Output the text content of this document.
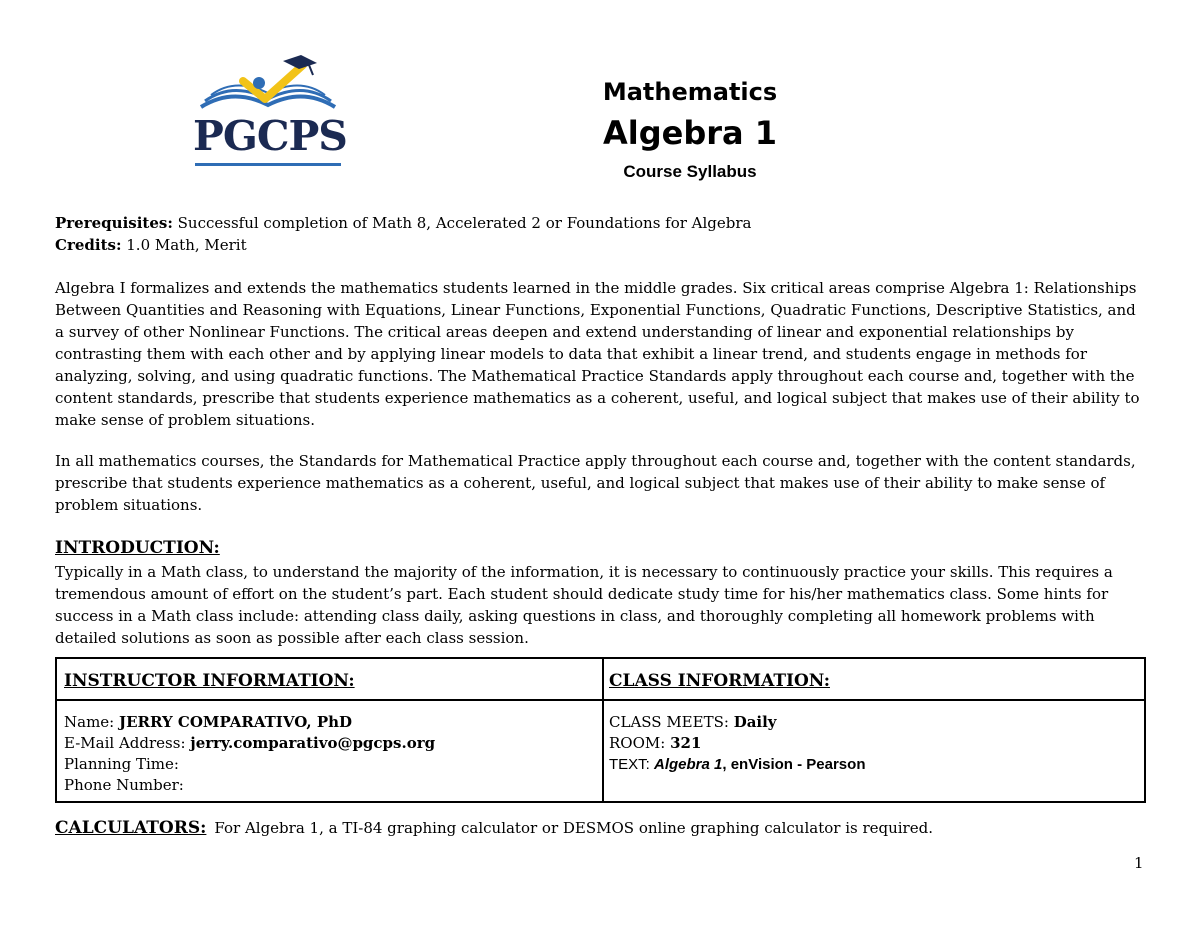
PGCPS
Mathematics
Algebra 1
Course Syllabus
Prerequisites: Successful completion of Math 8, Accelerated 2 or Foundations for Algebra
Credits: 1.0 Math, Merit
Algebra I formalizes and extends the mathematics students learned in the middle grades. Six critical areas comprise Algebra 1: Relationships
Between Quantities and Reasoning with Equations, Linear Functions, Exponential Functions, Quadratic Functions, Descriptive Statistics, and
a survey of other Nonlinear Functions. The critical areas deepen and extend understanding of linear and exponential relationships by
contrasting them with each other and by applying linear models to data that exhibit a linear trend, and students engage in methods for
analyzing, solving, and using quadratic functions. The Mathematical Practice Standards apply throughout each course and, together with the
content standards, prescribe that students experience mathematics as a coherent, useful, and logical subject that makes use of their ability to
make sense of problem situations.
In all mathematics courses, the Standards for Mathematical Practice apply throughout each course and, together with the content standards,
prescribe that students experience mathematics as a coherent, useful, and logical subject that makes use of their ability to make sense of
problem situations.
INTRODUCTION:
Typically in a Math class, to understand the majority of the information, it is necessary to continuously practice your skills. This requires a
tremendous amount of effort on the student’s part. Each student should dedicate study time for his/her mathematics class. Some hints for
success in a Math class include: attending class daily, asking questions in class, and thoroughly completing all homework problems with
detailed solutions as soon as possible after each class session.
INSTRUCTOR INFORMATION:	CLASS INFORMATION:
Name: JERRY COMPARATIVO, PhD
E-Mail Address: jerry.comparativo@pgcps.org
Planning Time:
Phone Number:
CLASS MEETS: Daily
ROOM: 321
TEXT: Algebra 1, enVision - Pearson
CALCULATORS: For Algebra 1, a TI-84 graphing calculator or DESMOS online graphing calculator is required.
1
